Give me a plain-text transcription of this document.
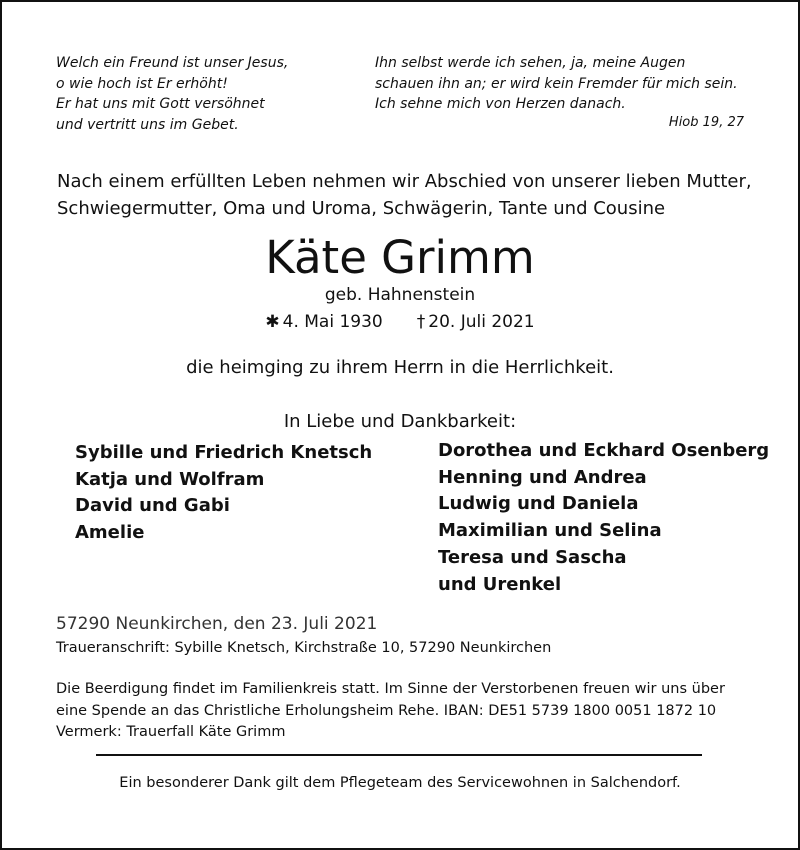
Welch ein Freund ist unser Jesus,
o wie hoch ist Er erhöht!
Er hat uns mit Gott versöhnet
und vertritt uns im Gebet.
Ihn selbst werde ich sehen, ja, meine Augen
schauen ihn an; er wird kein Fremder für mich sein.
Ich sehne mich von Herzen danach.
Hiob 19, 27
Nach einem erfüllten Leben nehmen wir Abschied von unserer lieben Mutter,
Schwiegermutter, Oma und Uroma, Schwägerin, Tante und Cousine
Käte Grimm
geb. Hahnenstein
✱ 4. Mai 1930 † 20. Juli 2021
die heimging zu ihrem Herrn in die Herrlichkeit.
In Liebe und Dankbarkeit:
Sybille und Friedrich Knetsch
Katja und Wolfram
David und Gabi
Amelie
Dorothea und Eckhard Osenberg
Henning und Andrea
Ludwig und Daniela
Maximilian und Selina
Teresa und Sascha
und Urenkel
57290 Neunkirchen, den 23. Juli 2021
Traueranschrift: Sybille Knetsch, Kirchstraße 10, 57290 Neunkirchen
Die Beerdigung findet im Familienkreis statt. Im Sinne der Verstorbenen freuen wir uns über
eine Spende an das Christliche Erholungsheim Rehe. IBAN: DE51 5739 1800 0051 1872 10
Vermerk: Trauerfall Käte Grimm
Ein besonderer Dank gilt dem Pflegeteam des Servicewohnen in Salchendorf.
